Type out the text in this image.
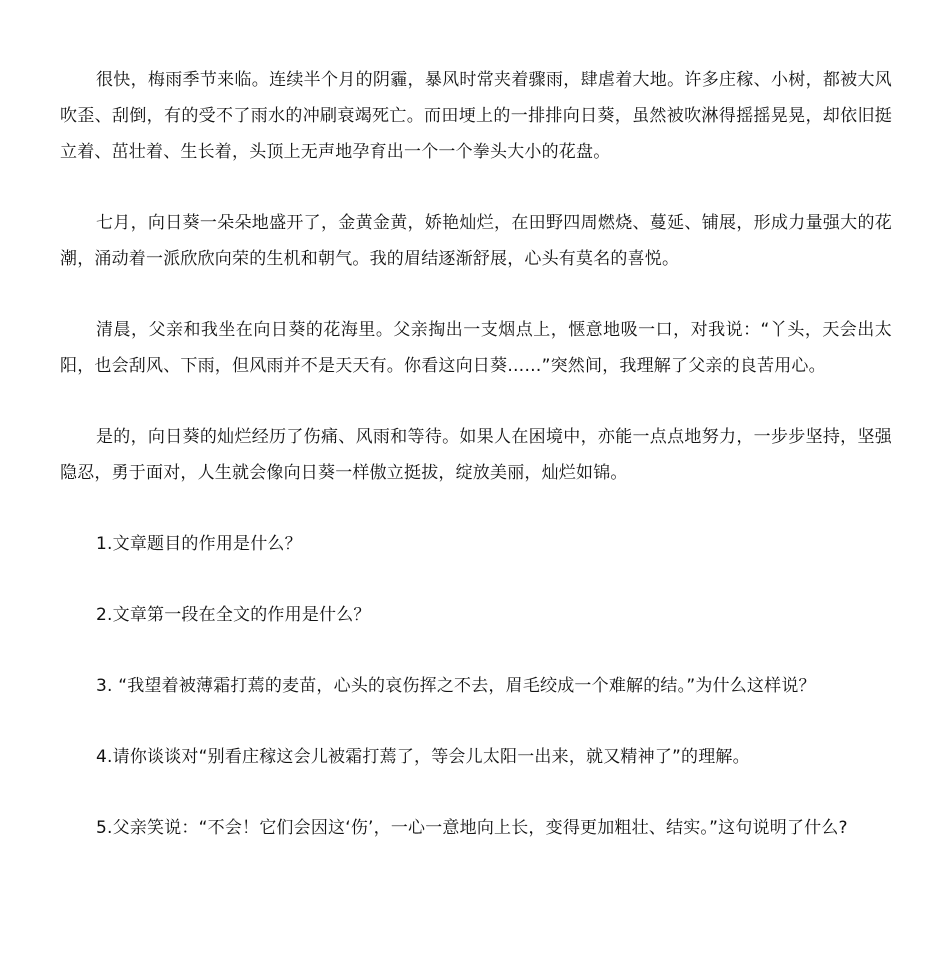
很快，梅雨季节来临。连续半个月的阴霾，暴风时常夹着骤雨，肆虐着大地。许多庄稼、小树，都被大风吹歪、刮倒，有的受不了雨水的冲刷衰竭死亡。而田埂上的一排排向日葵，虽然被吹淋得摇摇晃晃，却依旧挺立着、茁壮着、生长着，头顶上无声地孕育出一个一个拳头大小的花盘。

七月，向日葵一朵朵地盛开了，金黄金黄，娇艳灿烂，在田野四周燃烧、蔓延、铺展，形成力量强大的花潮，涌动着一派欣欣向荣的生机和朝气。我的眉结逐渐舒展，心头有莫名的喜悦。

清晨，父亲和我坐在向日葵的花海里。父亲掏出一支烟点上，惬意地吸一口，对我说：“丫头，天会出太阳，也会刮风、下雨，但风雨并不是天天有。你看这向日葵……”突然间，我理解了父亲的良苦用心。

是的，向日葵的灿烂经历了伤痛、风雨和等待。如果人在困境中，亦能一点点地努力，一步步坚持，坚强隐忍，勇于面对，人生就会像向日葵一样傲立挺拔，绽放美丽，灿烂如锦。

1.文章题目的作用是什么？

2.文章第一段在全文的作用是什么？

3. “我望着被薄霜打蔫的麦苗，心头的哀伤挥之不去，眉毛绞成一个难解的结。”为什么这样说？

4.请你谈谈对“别看庄稼这会儿被霜打蔫了，等会儿太阳一出来，就又精神了”的理解。

5.父亲笑说：“不会！它们会因这‘伤’，一心一意地向上长，变得更加粗壮、结实。”这句说明了什么?
